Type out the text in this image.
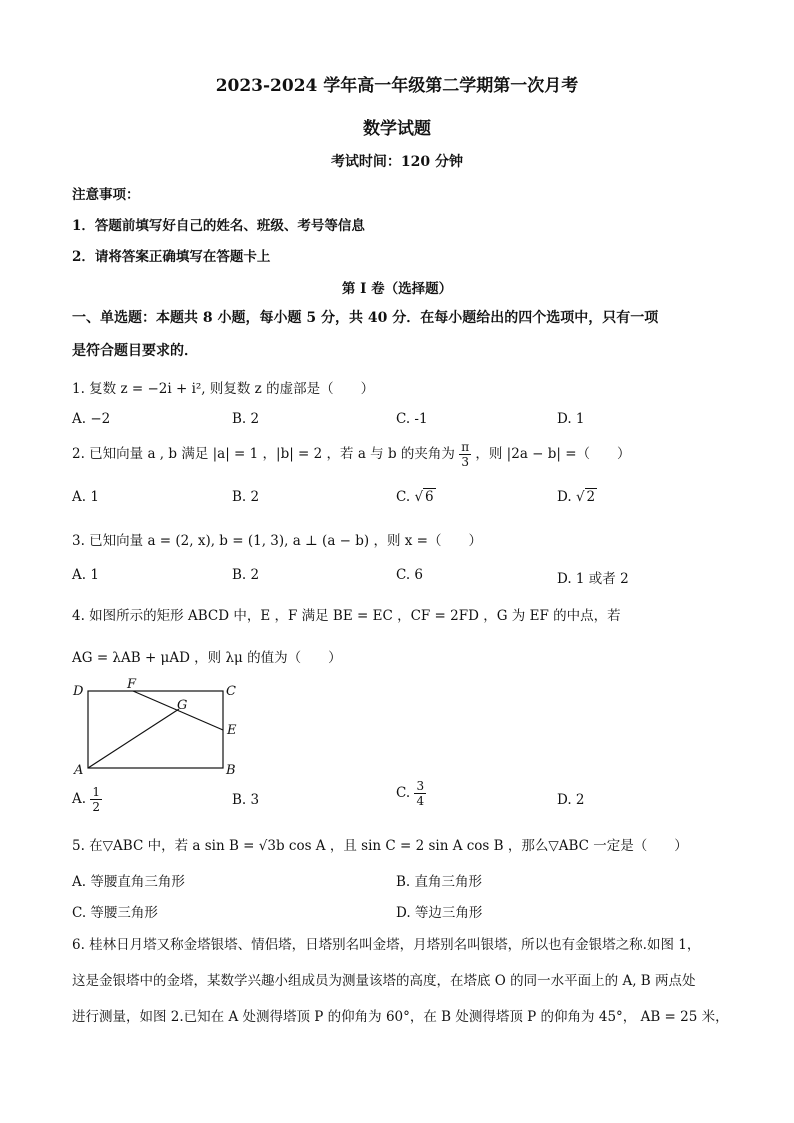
2023-2024 学年高一年级第二学期第一次月考
数学试题
考试时间：120 分钟
注意事项：
1．答题前填写好自己的姓名、班级、考号等信息
2．请将答案正确填写在答题卡上
第 I 卷（选择题）
一、单选题：本题共 8 小题，每小题 5 分，共 40 分．在每小题给出的四个选项中，只有一项
是符合题目要求的．
1. 复数 z = −2i + i², 则复数 z 的虚部是（　　）
A. −2	B. 2	C. -1	D. 1
2. 已知向量 a , b 满足 |a| = 1 ，|b| = 2 ，若 a 与 b 的夹角为 $\frac{\pi}{3}$ ，则 |2a − b| =（　　）
A. 1	B. 2	C. √ 6	D. √ 2
3. 已知向量 a = (2, x), b = (1, 3), a ⊥ (a − b) ，则 x =（　　）
A. 1	B. 2	C. 6	D. 1 或者 2
4. 如图所示的矩形 ABCD 中，E ，F 满足 BE = EC ，CF = 2FD ，G 为 EF 的中点，若
AG = λAB + μAD ，则 λμ 的值为（　　）
D	F	C
G
E
A	B
A. $\frac{1}{2}$	B. 3	C. $\frac{3}{4}$	D. 2
5. 在▽ABC 中，若 a sin B = √3b cos A ，且 sin C = 2 sin A cos B ，那么▽ABC 一定是（　　）
A. 等腰直角三角形	B. 直角三角形
C. 等腰三角形	D. 等边三角形
6. 桂林日月塔又称金塔银塔、情侣塔，日塔别名叫金塔，月塔别名叫银塔，所以也有金银塔之称.如图 1，
这是金银塔中的金塔，某数学兴趣小组成员为测量该塔的高度，在塔底 O 的同一水平面上的 A, B 两点处
进行测量，如图 2.已知在 A 处测得塔顶 P 的仰角为 60°，在 B 处测得塔顶 P 的仰角为 45°， AB = 25 米，
